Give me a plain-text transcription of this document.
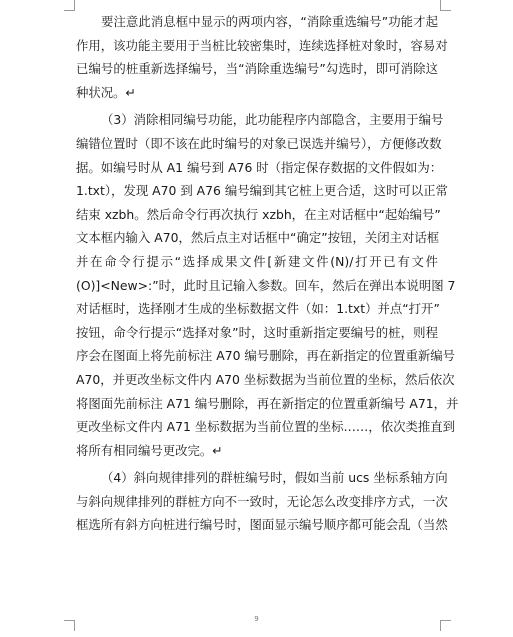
要注意此消息框中显示的两项内容，“消除重选编号”功能才起
作用，该功能主要用于当桩比较密集时，连续选择桩对象时，容易对
已编号的桩重新选择编号，当“消除重选编号”勾选时，即可消除这
种状况。↵
（3）消除相同编号功能，此功能程序内部隐含，主要用于编号
编错位置时（即不该在此时编号的对象已误选并编号），方便修改数
据。如编号时从 A1 编号到 A76 时（指定保存数据的文件假如为：
1.txt），发现 A70 到 A76 编号编到其它桩上更合适，这时可以正常
结束 xzbh。然后命令行再次执行 xzbh，在主对话框中“起始编号”
文本框内输入 A70，然后点主对话框中“确定”按钮，关闭主对话框
并在命令行提示“选择成果文件[新建文件(N)/打开已有文件
(O)]<New>:”时，此时且记输入参数。回车，然后在弹出本说明图 7
对话框时，选择刚才生成的坐标数据文件（如：1.txt）并点“打开”
按钮，命令行提示“选择对象”时，这时重新指定要编号的桩，则程
序会在图面上将先前标注 A70 编号删除，再在新指定的位置重新编号
A70，并更改坐标文件内 A70 坐标数据为当前位置的坐标，然后依次
将图面先前标注 A71 编号删除，再在新指定的位置重新编号 A71，并
更改坐标文件内 A71 坐标数据为当前位置的坐标……，依次类推直到
将所有相同编号更改完。↵
（4）斜向规律排列的群桩编号时，假如当前 ucs 坐标系轴方向
与斜向规律排列的群桩方向不一致时，无论怎么改变排序方式，一次
框选所有斜方向桩进行编号时，图面显示编号顺序都可能会乱（当然
9
